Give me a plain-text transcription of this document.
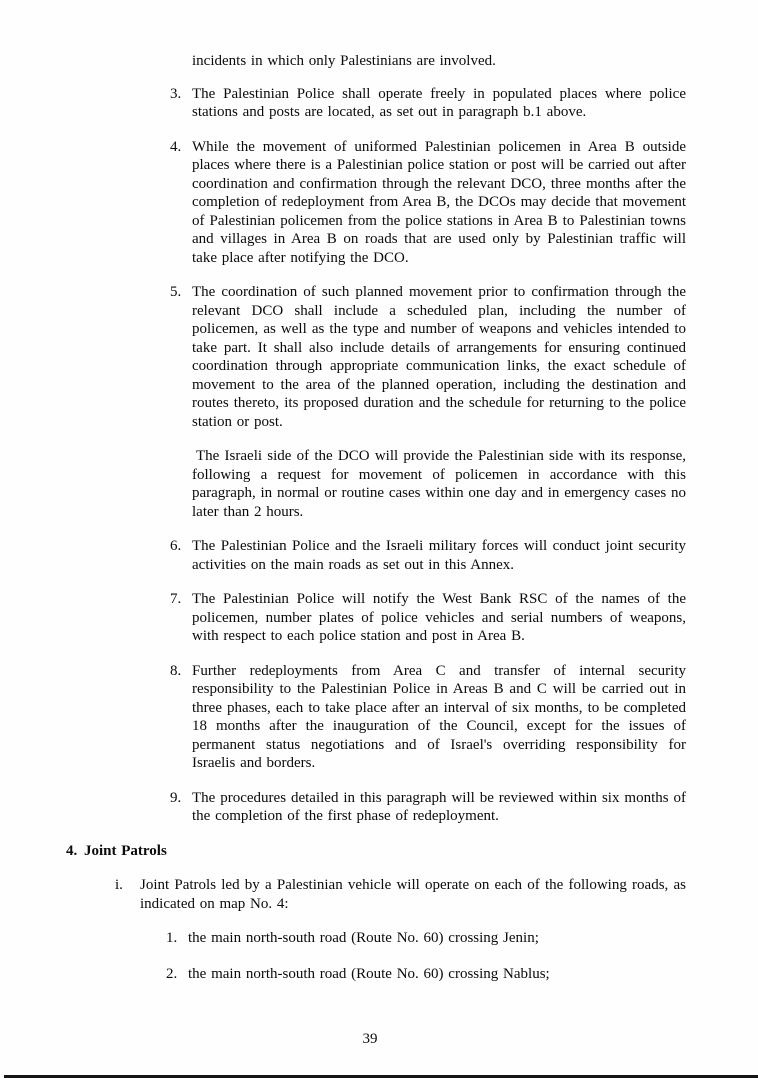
incidents in which only Palestinians are involved.

3. The Palestinian Police shall operate freely in populated places where police stations and posts are located, as set out in paragraph b.1 above.

4. While the movement of uniformed Palestinian policemen in Area B outside places where there is a Palestinian police station or post will be carried out after coordination and confirmation through the relevant DCO, three months after the completion of redeployment from Area B, the DCOs may decide that movement of Palestinian policemen from the police stations in Area B to Palestinian towns and villages in Area B on roads that are used only by Palestinian traffic will take place after notifying the DCO.

5. The coordination of such planned movement prior to confirmation through the relevant DCO shall include a scheduled plan, including the number of policemen, as well as the type and number of weapons and vehicles intended to take part. It shall also include details of arrangements for ensuring continued coordination through appropriate communication links, the exact schedule of movement to the area of the planned operation, including the destination and routes thereto, its proposed duration and the schedule for returning to the police station or post.

The Israeli side of the DCO will provide the Palestinian side with its response, following a request for movement of policemen in accordance with this paragraph, in normal or routine cases within one day and in emergency cases no later than 2 hours.

6. The Palestinian Police and the Israeli military forces will conduct joint security activities on the main roads as set out in this Annex.

7. The Palestinian Police will notify the West Bank RSC of the names of the policemen, number plates of police vehicles and serial numbers of weapons, with respect to each police station and post in Area B.

8. Further redeployments from Area C and transfer of internal security responsibility to the Palestinian Police in Areas B and C will be carried out in three phases, each to take place after an interval of six months, to be completed 18 months after the inauguration of the Council, except for the issues of permanent status negotiations and of Israel's overriding responsibility for Israelis and borders.

9. The procedures detailed in this paragraph will be reviewed within six months of the completion of the first phase of redeployment.

4. Joint Patrols
i. Joint Patrols led by a Palestinian vehicle will operate on each of the following roads, as indicated on map No. 4:

1. the main north-south road (Route No. 60) crossing Jenin;

2. the main north-south road (Route No. 60) crossing Nablus;

39
